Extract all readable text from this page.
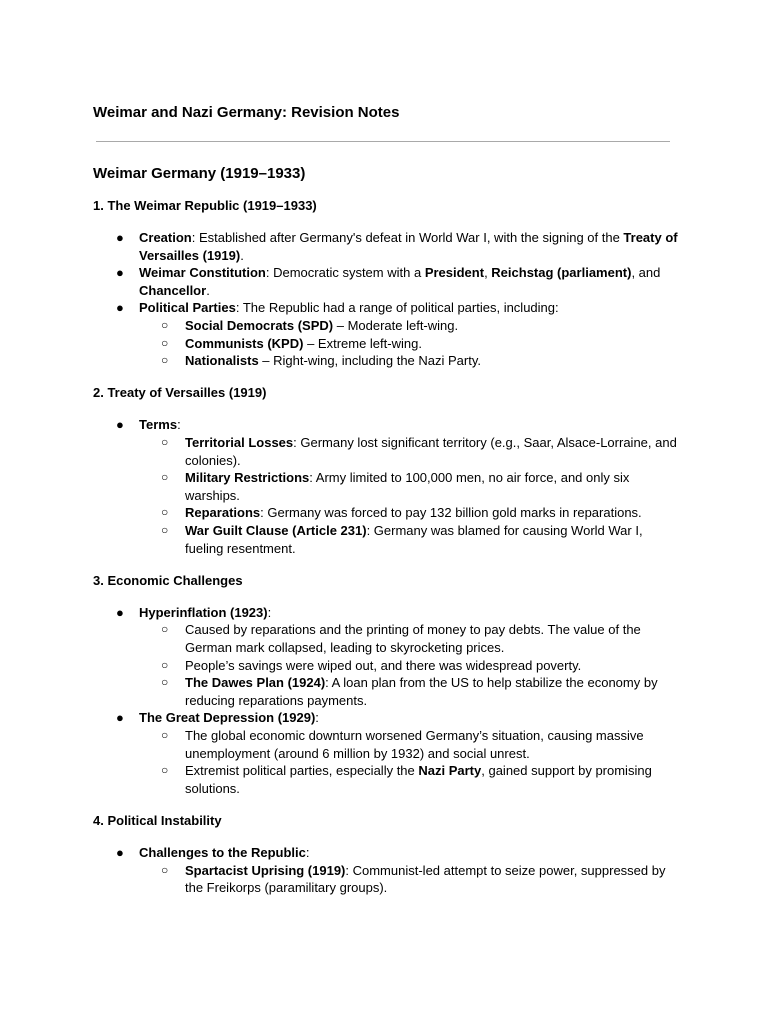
Weimar and Nazi Germany: Revision Notes
Weimar Germany (1919–1933)
1. The Weimar Republic (1919–1933)
● Creation: Established after Germany's defeat in World War I, with the signing of the Treaty of Versailles (1919).
● Weimar Constitution: Democratic system with a President, Reichstag (parliament), and Chancellor.
● Political Parties: The Republic had a range of political parties, including:
○ Social Democrats (SPD) – Moderate left-wing.
○ Communists (KPD) – Extreme left-wing.
○ Nationalists – Right-wing, including the Nazi Party.
2. Treaty of Versailles (1919)
● Terms:
○ Territorial Losses: Germany lost significant territory (e.g., Saar, Alsace-Lorraine, and colonies).
○ Military Restrictions: Army limited to 100,000 men, no air force, and only six warships.
○ Reparations: Germany was forced to pay 132 billion gold marks in reparations.
○ War Guilt Clause (Article 231): Germany was blamed for causing World War I, fueling resentment.
3. Economic Challenges
● Hyperinflation (1923):
○ Caused by reparations and the printing of money to pay debts. The value of the German mark collapsed, leading to skyrocketing prices.
○ People’s savings were wiped out, and there was widespread poverty.
○ The Dawes Plan (1924): A loan plan from the US to help stabilize the economy by reducing reparations payments.
● The Great Depression (1929):
○ The global economic downturn worsened Germany’s situation, causing massive unemployment (around 6 million by 1932) and social unrest.
○ Extremist political parties, especially the Nazi Party, gained support by promising solutions.
4. Political Instability
● Challenges to the Republic:
○ Spartacist Uprising (1919): Communist-led attempt to seize power, suppressed by the Freikorps (paramilitary groups).
